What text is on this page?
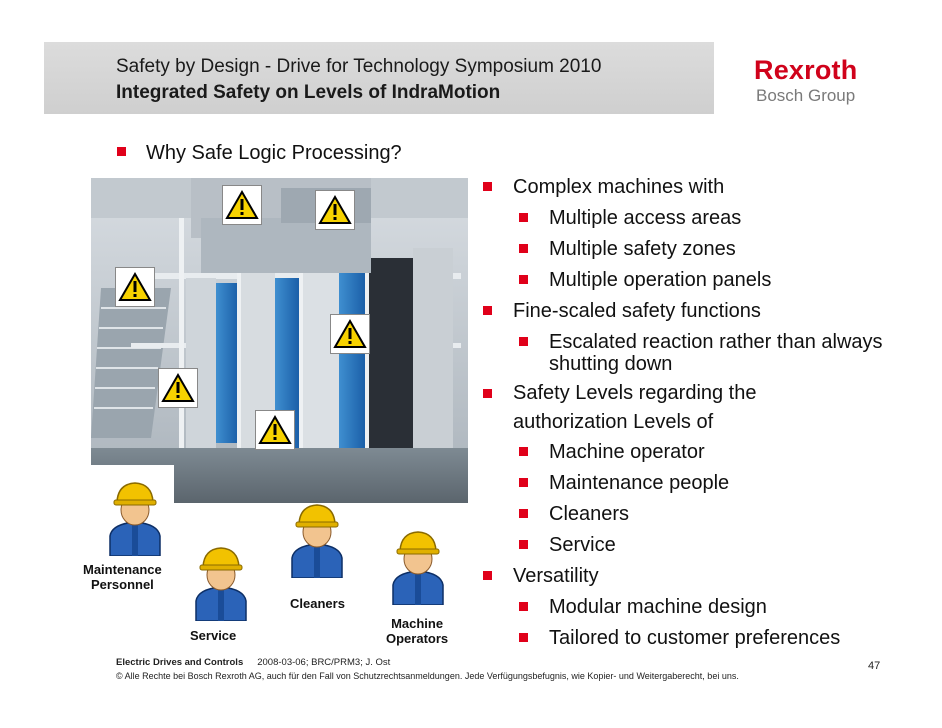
Safety by Design - Drive for Technology Symposium 2010
Integrated Safety on Levels of IndraMotion
Rexroth
Bosch Group
Why Safe Logic Processing?
Maintenance
Personnel
Service
Cleaners
Machine
Operators
Complex machines with
Multiple access areas
Multiple safety zones
Multiple operation panels
Fine-scaled safety functions
Escalated reaction rather than always shutting down
Safety Levels regarding the authorization Levels of
Machine operator
Maintenance people
Cleaners
Service
Versatility
Modular machine design
Tailored to customer preferences
Electric Drives and Controls 2008-03-06; BRC/PRM3; J. Ost
© Alle Rechte bei Bosch Rexroth AG, auch für den Fall von Schutzrechtsanmeldungen. Jede Verfügungsbefugnis, wie Kopier- und Weitergaberecht, bei uns.
47
